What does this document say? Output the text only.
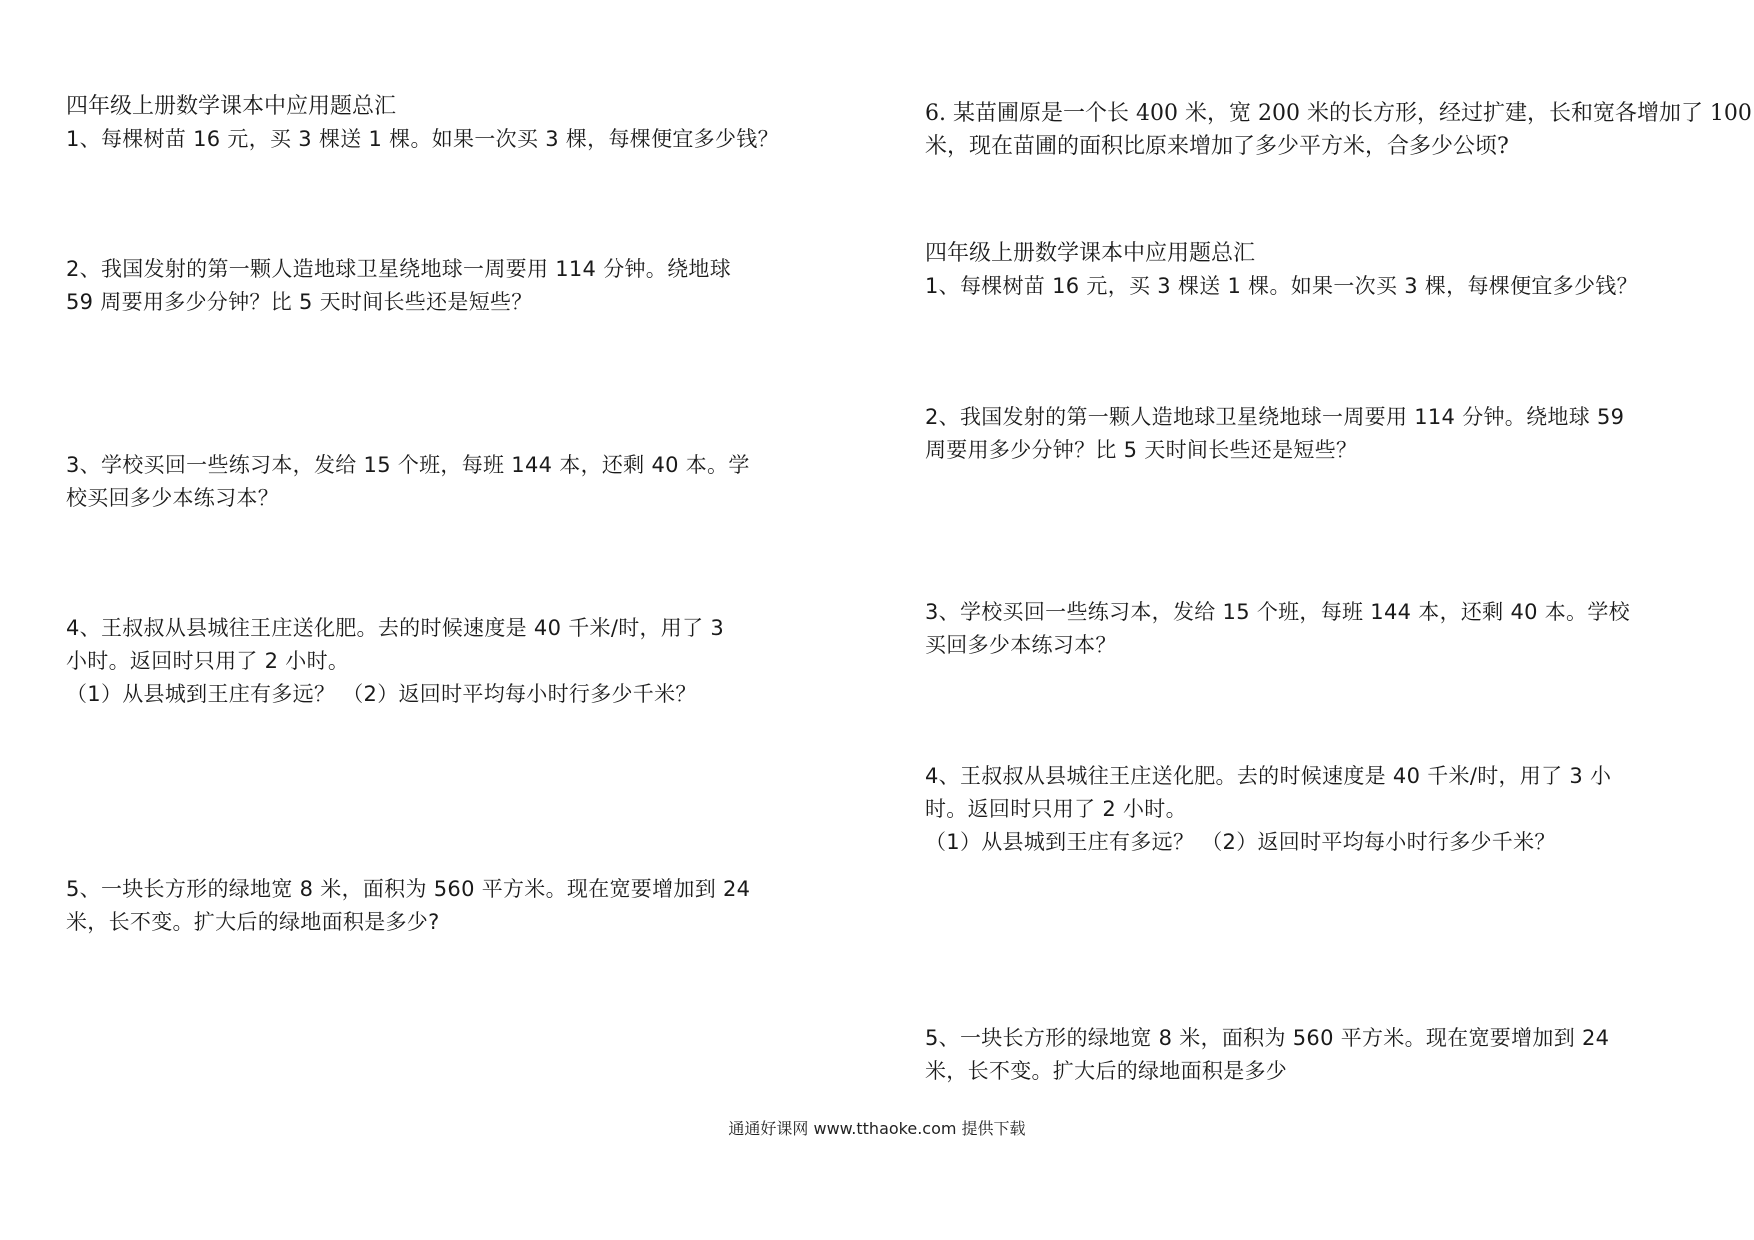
四年级上册数学课本中应用题总汇
1、每棵树苗 16 元，买 3 棵送 1 棵。如果一次买 3 棵，每棵便宜多少钱？
2、我国发射的第一颗人造地球卫星绕地球一周要用 114 分钟。绕地球
59 周要用多少分钟？比 5 天时间长些还是短些？
3、学校买回一些练习本，发给 15 个班，每班 144 本，还剩 40 本。学
校买回多少本练习本？
4、王叔叔从县城往王庄送化肥。去的时候速度是 40 千米/时，用了 3
小时。返回时只用了 2 小时。
（1）从县城到王庄有多远？ （2）返回时平均每小时行多少千米？
5、一块长方形的绿地宽 8 米，面积为 560 平方米。现在宽要增加到 24
米，长不变。扩大后的绿地面积是多少?
6. 某苗圃原是一个长 400 米，宽 200 米的长方形，经过扩建，长和宽各增加了 100
米，现在苗圃的面积比原来增加了多少平方米，合多少公顷?
四年级上册数学课本中应用题总汇
1、每棵树苗 16 元，买 3 棵送 1 棵。如果一次买 3 棵，每棵便宜多少钱？
2、我国发射的第一颗人造地球卫星绕地球一周要用 114 分钟。绕地球 59
周要用多少分钟？比 5 天时间长些还是短些？
3、学校买回一些练习本，发给 15 个班，每班 144 本，还剩 40 本。学校
买回多少本练习本？
4、王叔叔从县城往王庄送化肥。去的时候速度是 40 千米/时，用了 3 小
时。返回时只用了 2 小时。
（1）从县城到王庄有多远？ （2）返回时平均每小时行多少千米？
5、一块长方形的绿地宽 8 米，面积为 560 平方米。现在宽要增加到 24
米，长不变。扩大后的绿地面积是多少
通通好课网 www.tthaoke.com 提供下载
